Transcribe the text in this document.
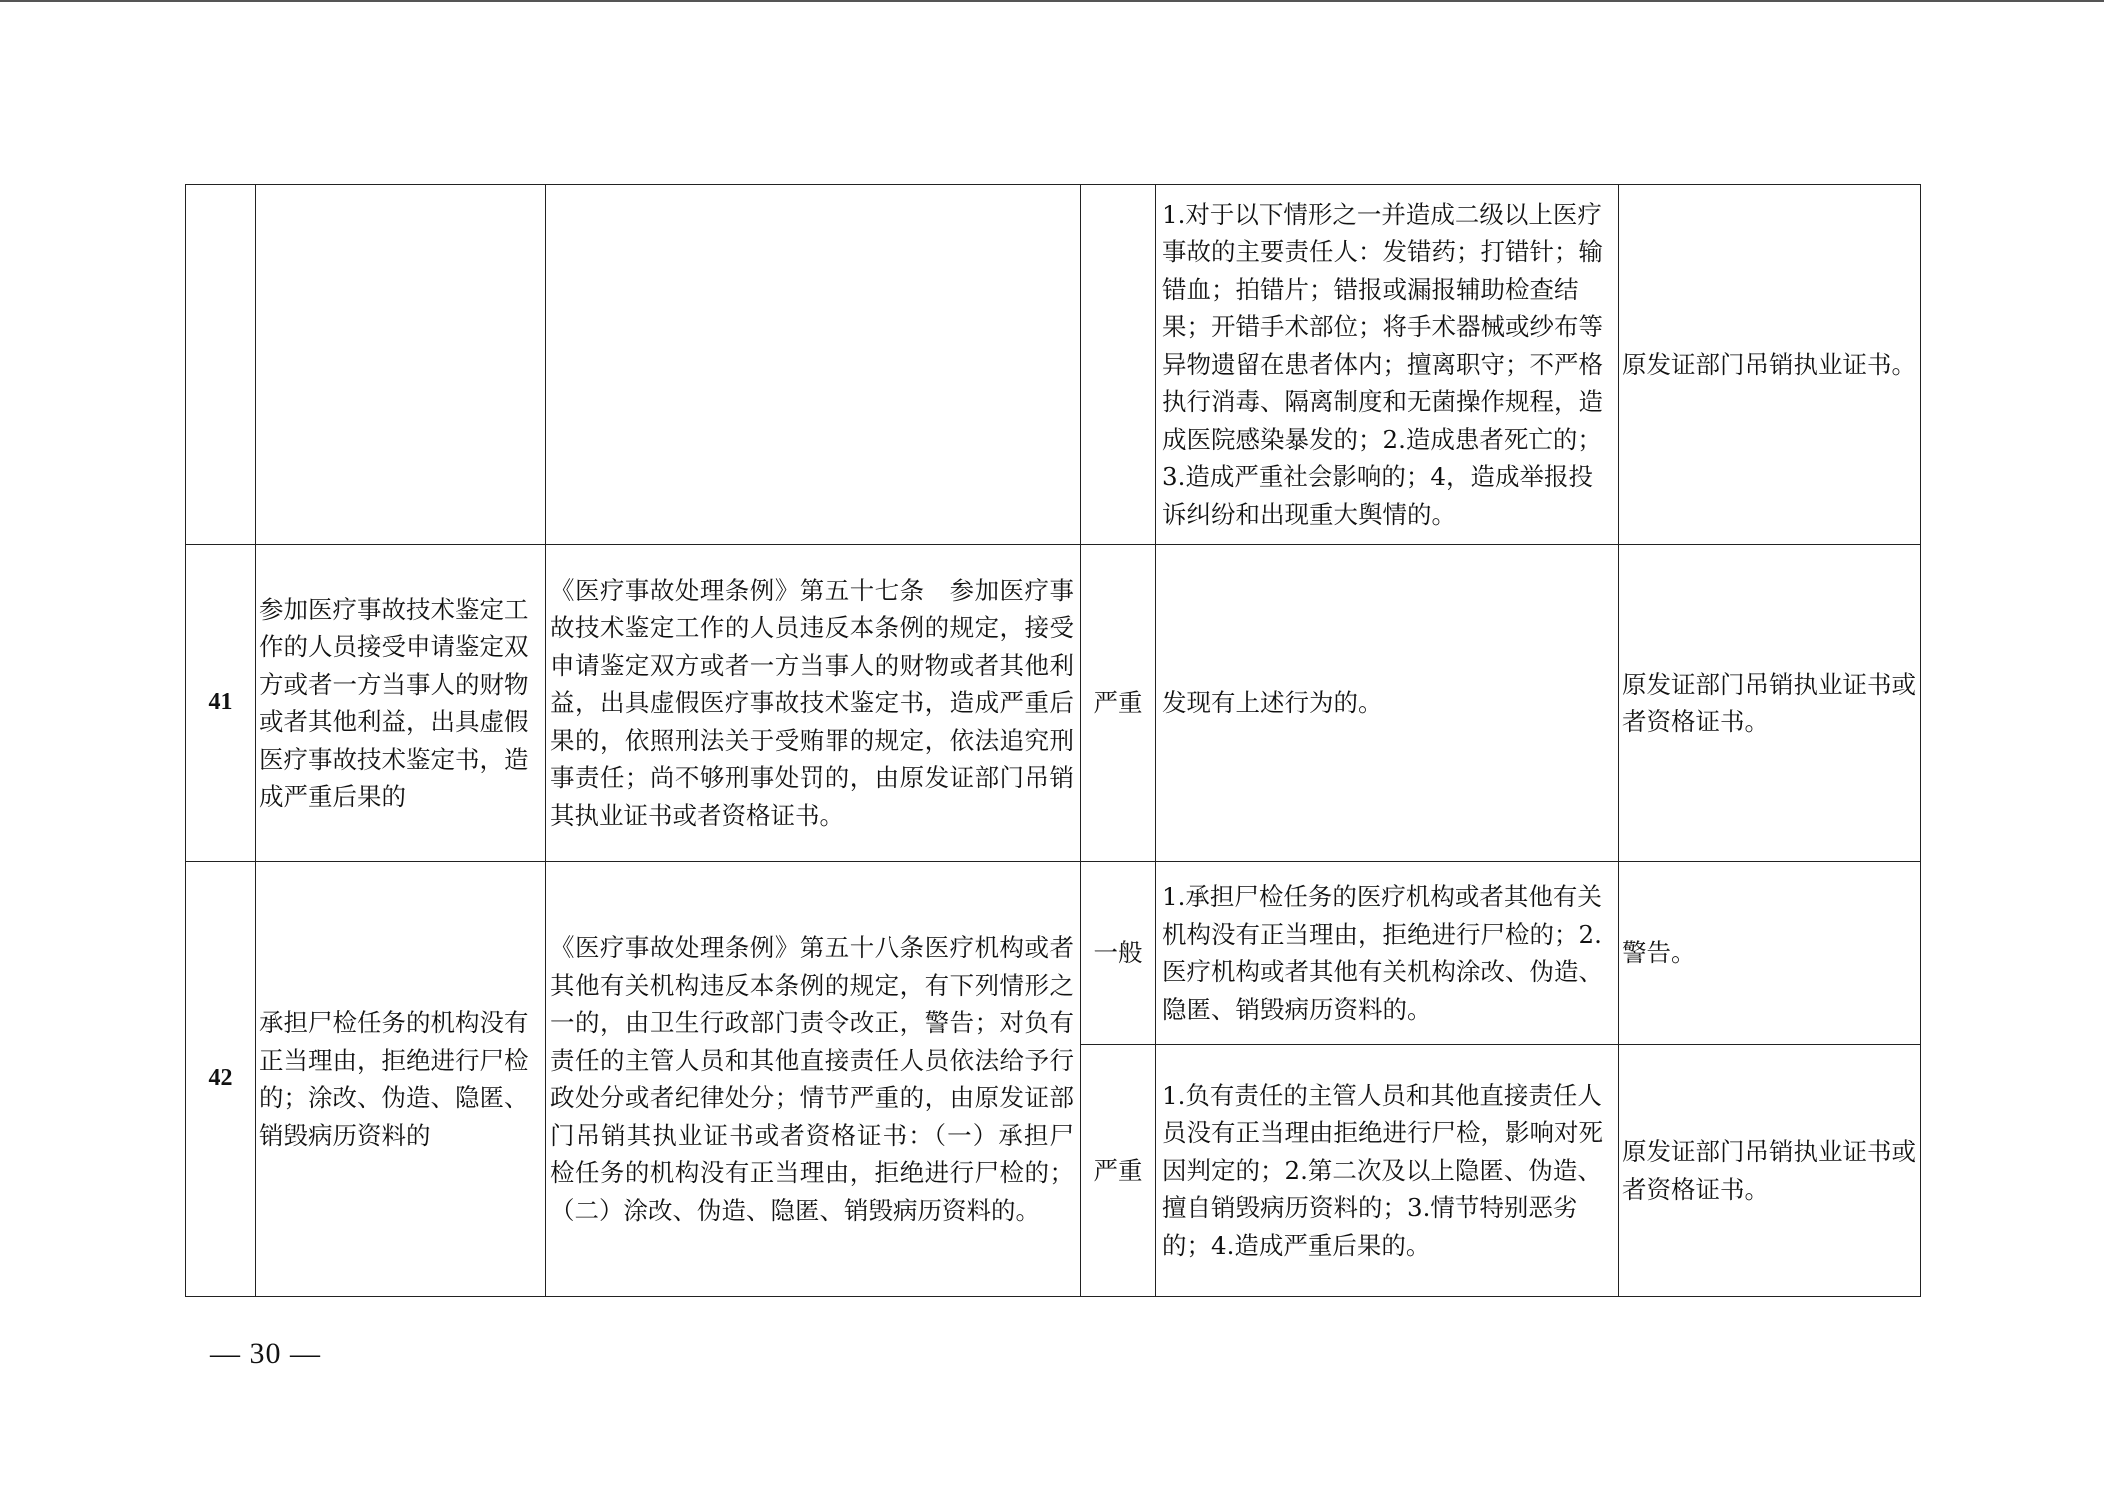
				1.对于以下情形之一并造成二级以上医疗事故的主要责任人：发错药；打错针；输错血；拍错片；错报或漏报辅助检查结果；开错手术部位；将手术器械或纱布等异物遗留在患者体内；擅离职守；不严格执行消毒、隔离制度和无菌操作规程，造成医院感染暴发的；2.造成患者死亡的；3.造成严重社会影响的；4，造成举报投诉纠纷和出现重大舆情的。	原发证部门吊销执业证书。
41	参加医疗事故技术鉴定工作的人员接受申请鉴定双方或者一方当事人的财物或者其他利益，出具虚假医疗事故技术鉴定书，造成严重后果的	《医疗事故处理条例》第五十七条　参加医疗事故技术鉴定工作的人员违反本条例的规定，接受申请鉴定双方或者一方当事人的财物或者其他利益，出具虚假医疗事故技术鉴定书，造成严重后果的，依照刑法关于受贿罪的规定，依法追究刑事责任；尚不够刑事处罚的，由原发证部门吊销其执业证书或者资格证书。	严重	发现有上述行为的。	原发证部门吊销执业证书或者资格证书。
42	承担尸检任务的机构没有正当理由，拒绝进行尸检的；涂改、伪造、隐匿、销毁病历资料的	《医疗事故处理条例》第五十八条医疗机构或者其他有关机构违反本条例的规定，有下列情形之一的，由卫生行政部门责令改正，警告；对负有责任的主管人员和其他直接责任人员依法给予行政处分或者纪律处分；情节严重的，由原发证部门吊销其执业证书或者资格证书：（一）承担尸检任务的机构没有正当理由，拒绝进行尸检的；（二）涂改、伪造、隐匿、销毁病历资料的。	一般	1.承担尸检任务的医疗机构或者其他有关机构没有正当理由，拒绝进行尸检的；2.医疗机构或者其他有关机构涂改、伪造、隐匿、销毁病历资料的。	警告。
			严重	1.负有责任的主管人员和其他直接责任人员没有正当理由拒绝进行尸检，影响对死因判定的；2.第二次及以上隐匿、伪造、擅自销毁病历资料的；3.情节特别恶劣的；4.造成严重后果的。	原发证部门吊销执业证书或者资格证书。
— 30 —
